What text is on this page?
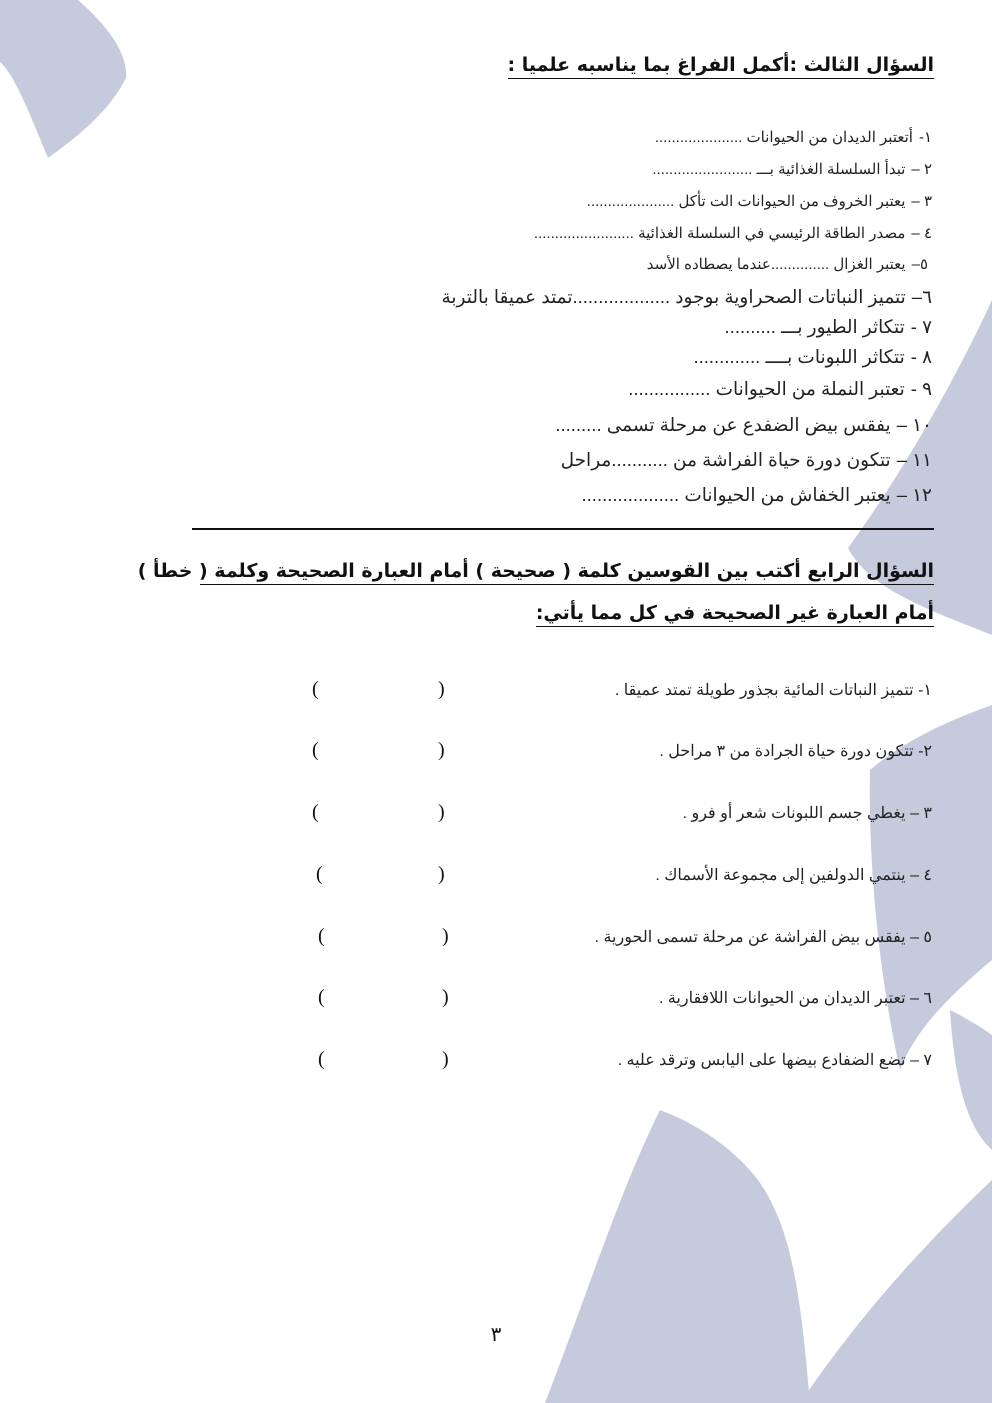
السؤال الثالث :أكمل الفراغ بما يناسبه علميا :
١-أتعتبر الديدان من الحيوانات .....................
٢ –تبدأ السلسلة الغذائية بـــ ........................
٣ –يعتبر الخروف من الحيوانات الت تأكل .....................
٤ –مصدر الطاقة الرئيسي في السلسلة الغذائية ........................
٥–يعتبر الغزال ..............عندما يصطاده الأسد
٦–تتميز النباتات الصحراوية بوجود ...................تمتد عميقا بالتربة
٧ -تتكاثر الطيور بـــ ..........
٨ -تتكاثر اللبونات بــــ .............
٩ -تعتبر النملة من الحيوانات ................
١٠ –يفقس بيض الضفدع عن مرحلة تسمى .........
١١ –تتكون دورة حياة الفراشة من ...........مراحل
١٢ –يعتبر الخفاش من الحيوانات ...................
السؤال الرابع أكتب بين القوسين كلمة ( صحيحة ) أمام العبارة الصحيحة وكلمة ( خطأ )
أمام العبارة غير الصحيحة في كل مما يأتي:
١- تتميز النباتات المائية بجذور طويلة تمتد عميقا .
(
)
٢- تتكون دورة حياة الجرادة من ٣ مراحل .
(
)
٣ – يغطي جسم اللبونات شعر أو فرو .
(
)
٤ – ينتمي الدولفين إلى مجموعة الأسماك .
(
)
٥ – يفقس بيض الفراشة عن مرحلة تسمى الحورية .
(
)
٦ – تعتبر الديدان من الحيوانات اللافقارية .
(
)
٧ – تضع الضفادع بيضها على اليابس وترقد عليه .
(
)
٣
